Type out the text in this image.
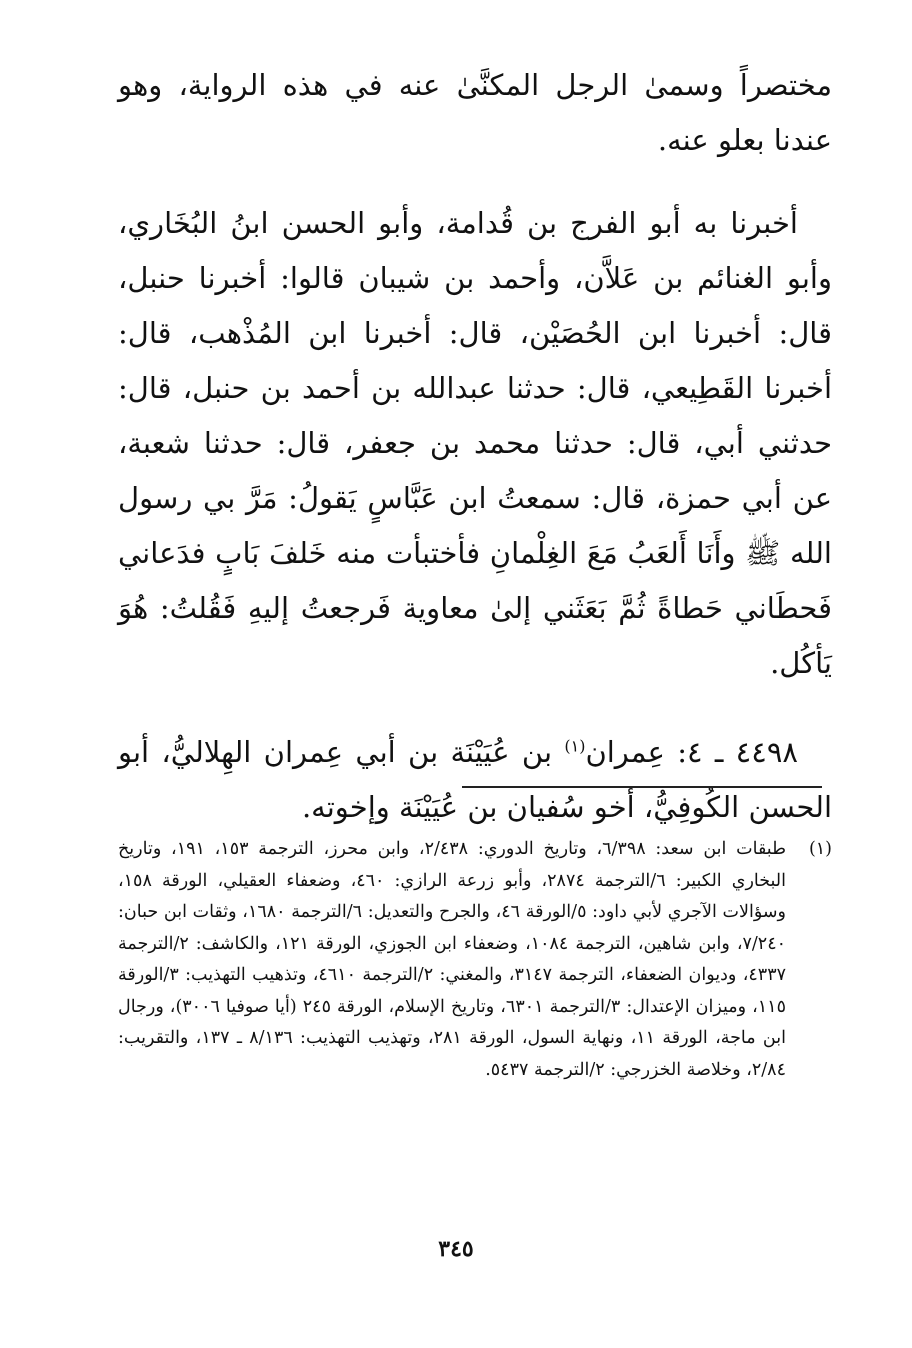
مختصراً وسمىٰ الرجل المكنَّىٰ عنه في هذه الرواية، وهو عندنا بعلو عنه.

أخبرنا به أبو الفرج بن قُدامة، وأبو الحسن ابنُ البُخَاري، وأبو الغنائم بن عَلاَّن، وأحمد بن شيبان قالوا: أخبرنا حنبل، قال: أخبرنا ابن الحُصَيْن، قال: أخبرنا ابن المُذْهب، قال: أخبرنا القَطِيعي، قال: حدثنا عبدالله بن أحمد بن حنبل، قال: حدثني أبي، قال: حدثنا محمد بن جعفر، قال: حدثنا شعبة، عن أبي حمزة، قال: سمعتُ ابن عَبَّاسٍ يَقولُ: مَرَّ بي رسول الله ﷺ وأَنَا أَلعَبُ مَعَ الغِلْمانِ فأختبأت منه خَلفَ بَابٍ فدَعاني فَحطَاني حَطاةً ثُمَّ بَعَثَني إلىٰ معاوية فَرجعتُ إليهِ فَقُلتُ: هُوَ يَأكُل.

٤٤٩٨ ـ ٤: عِمران$^{(١)}$ بن عُيَيْنَة بن أبي عِمران الهِلاليُّ، أبو الحسن الكُوفِيُّ، أخو سُفيان بن عُيَيْنَة وإخوته.

(١)
طبقات ابن سعد: ٦/٣٩٨، وتاريخ الدوري: ٢/٤٣٨، وابن محرز، الترجمة ١٥٣، ١٩١، وتاريخ البخاري الكبير: ٦/الترجمة ٢٨٧٤، وأبو زرعة الرازي: ٤٦٠، وضعفاء العقيلي، الورقة ١٥٨، وسؤالات الآجري لأبي داود: ٥/الورقة ٤٦، والجرح والتعديل: ٦/الترجمة ١٦٨٠، وثقات ابن حبان: ٧/٢٤٠، وابن شاهين، الترجمة ١٠٨٤، وضعفاء ابن الجوزي، الورقة ١٢١، والكاشف: ٢/الترجمة ٤٣٣٧، وديوان الضعفاء، الترجمة ٣١٤٧، والمغني: ٢/الترجمة ٤٦١٠، وتذهيب التهذيب: ٣/الورقة ١١٥، وميزان الإعتدال: ٣/الترجمة ٦٣٠١، وتاريخ الإسلام، الورقة ٢٤٥ (أيا صوفيا ٣٠٠٦)، ورجال ابن ماجة، الورقة ١١، ونهاية السول، الورقة ٢٨١، وتهذيب التهذيب: ٨/١٣٦ ـ ١٣٧، والتقريب: ٢/٨٤، وخلاصة الخزرجي: ٢/الترجمة ٥٤٣٧.
٣٤٥
